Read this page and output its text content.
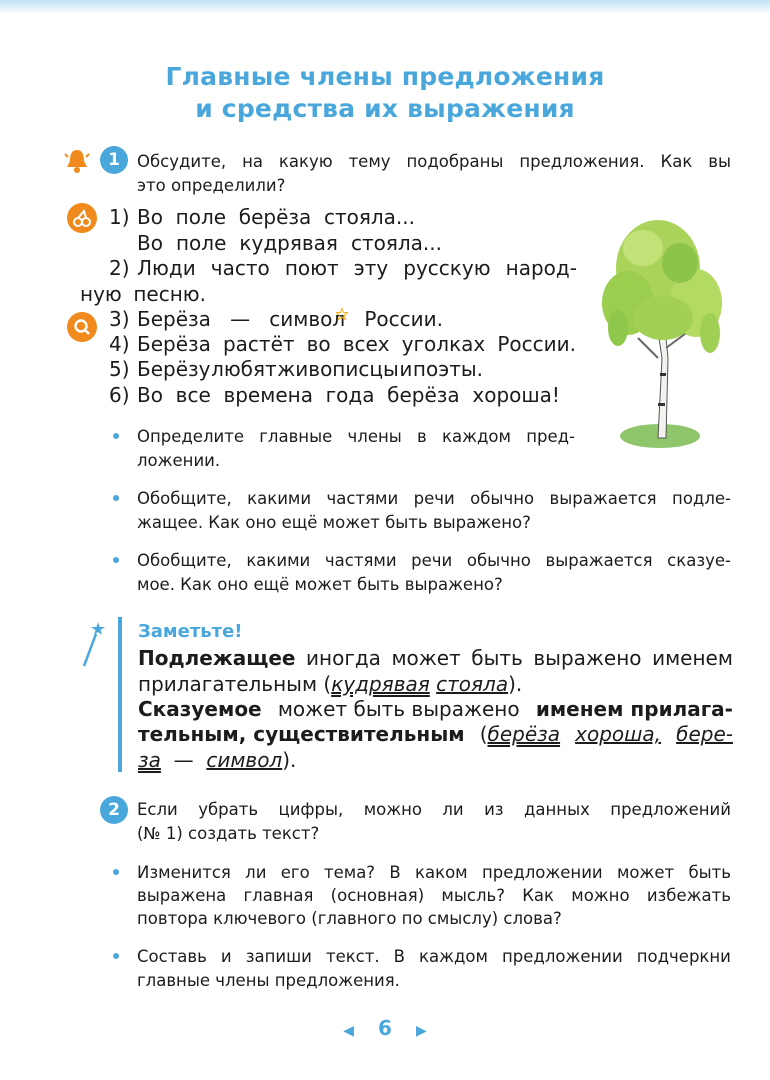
Главные члены предложения
и средства их выражения
1	Обсудите, на какую тему подобраны предложения. Как вы
это определили?
1) Во поле берёза стояла...
Во поле кудрявая стояла...
2) Люди часто поют эту русскую народ-
ную песню.
3) Берёза — символ России.
4) Берёза растёт во всех уголках России.
5) Берёзу любят живописцы и поэты.
6) Во все времена года берёза хороша!
Определите главные члены в каждом пред-
ложении.
Обобщите, какими частями речи обычно выражается подле-
жащее. Как оно ещё может быть выражено?
Обобщите, какими частями речи обычно выражается сказуе-
мое. Как оно ещё может быть выражено?
Заметьте!
Подлежащее иногда может быть выражено именем
прилагательным (кудрявая стояла).
Сказуемое может быть выражено именем прилага-
тельным, существительным (берёза хороша, бере-
за — символ).
2	Если убрать цифры, можно ли из данных предложений
(№ 1) создать текст?
Изменится ли его тема? В каком предложении может быть
выражена главная (основная) мысль? Как можно избежать
повтора ключевого (главного по смыслу) слова?
Составь и запиши текст. В каждом предложении подчеркни
главные члены предложения.
◀ 6 ▶
